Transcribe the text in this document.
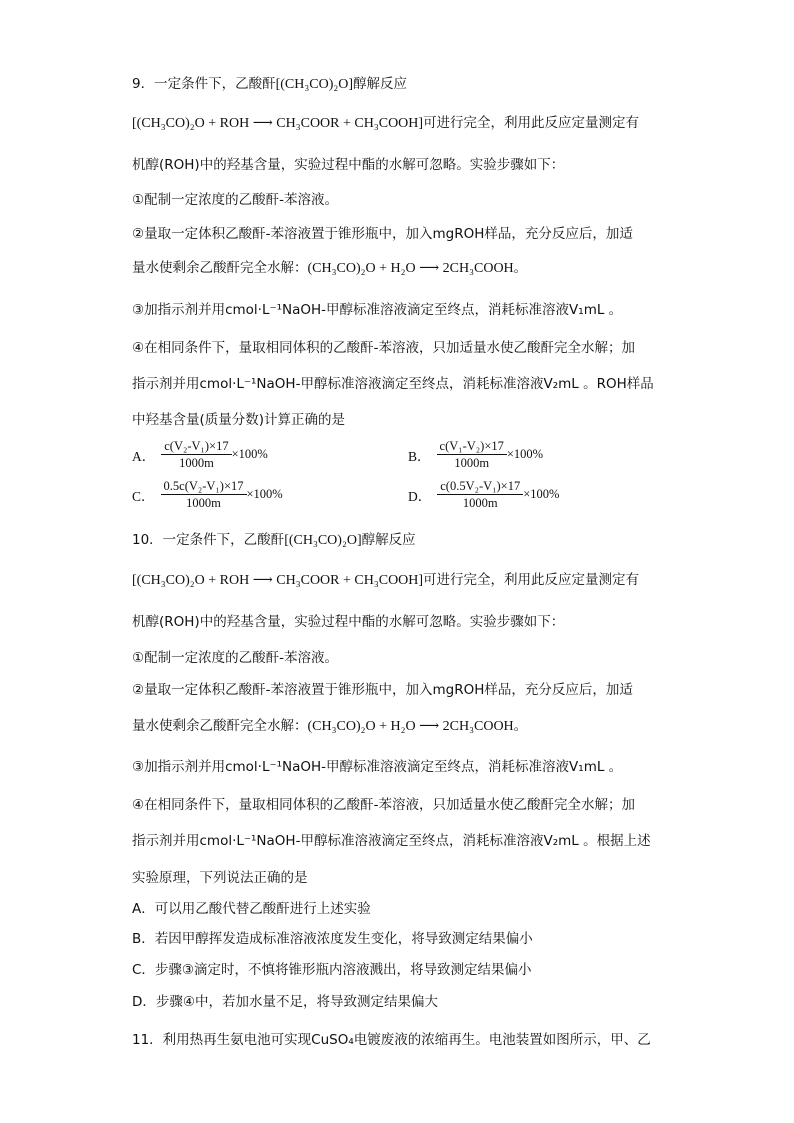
9．一定条件下，乙酸酐[(CH₃CO)₂O]醇解反应
[(CH₃CO)₂O + ROH ⟶ CH₃COOR + CH₃COOH]可进行完全，利用此反应定量测定有
机醇(ROH)中的羟基含量，实验过程中酯的水解可忽略。实验步骤如下：
①配制一定浓度的乙酸酐-苯溶液。
②量取一定体积乙酸酐-苯溶液置于锥形瓶中，加入mgROH样品，充分反应后，加适
量水使剩余乙酸酐完全水解：(CH₃CO)₂O + H₂O ⟶ 2CH₃COOH。
③加指示剂并用cmol·L⁻¹NaOH-甲醇标准溶液滴定至终点，消耗标准溶液V₁mL 。
④在相同条件下，量取相同体积的乙酸酐-苯溶液，只加适量水使乙酸酐完全水解；加
指示剂并用cmol·L⁻¹NaOH-甲醇标准溶液滴定至终点，消耗标准溶液V₂mL 。ROH样品
中羟基含量(质量分数)计算正确的是
A． $\frac{\text{c(V₂-V₁)×17}}{1000m} \times 100\%$	B． $\frac{\text{c(V₁-V₂)×17}}{1000m} \times 100\%$
C． $\frac{\text{0.5c(V₂-V₁)×17}}{1000m} \times 100\%$	D． $\frac{\text{c(0.5V₂-V₁)×17}}{1000m} \times 100\%$
10．一定条件下，乙酸酐[(CH₃CO)₂O]醇解反应
[(CH₃CO)₂O + ROH ⟶ CH₃COOR + CH₃COOH]可进行完全，利用此反应定量测定有
机醇(ROH)中的羟基含量，实验过程中酯的水解可忽略。实验步骤如下：
①配制一定浓度的乙酸酐-苯溶液。
②量取一定体积乙酸酐-苯溶液置于锥形瓶中，加入mgROH样品，充分反应后，加适
量水使剩余乙酸酐完全水解：(CH₃CO)₂O + H₂O ⟶ 2CH₃COOH。
③加指示剂并用cmol·L⁻¹NaOH-甲醇标准溶液滴定至终点，消耗标准溶液V₁mL 。
④在相同条件下，量取相同体积的乙酸酐-苯溶液，只加适量水使乙酸酐完全水解；加
指示剂并用cmol·L⁻¹NaOH-甲醇标准溶液滴定至终点，消耗标准溶液V₂mL 。根据上述
实验原理，下列说法正确的是
A．可以用乙酸代替乙酸酐进行上述实验
B．若因甲醇挥发造成标准溶液浓度发生变化，将导致测定结果偏小
C．步骤③滴定时，不慎将锥形瓶内溶液溅出，将导致测定结果偏小
D．步骤④中，若加水量不足，将导致测定结果偏大
11．利用热再生氨电池可实现CuSO₄电镀废液的浓缩再生。电池装置如图所示，甲、乙
